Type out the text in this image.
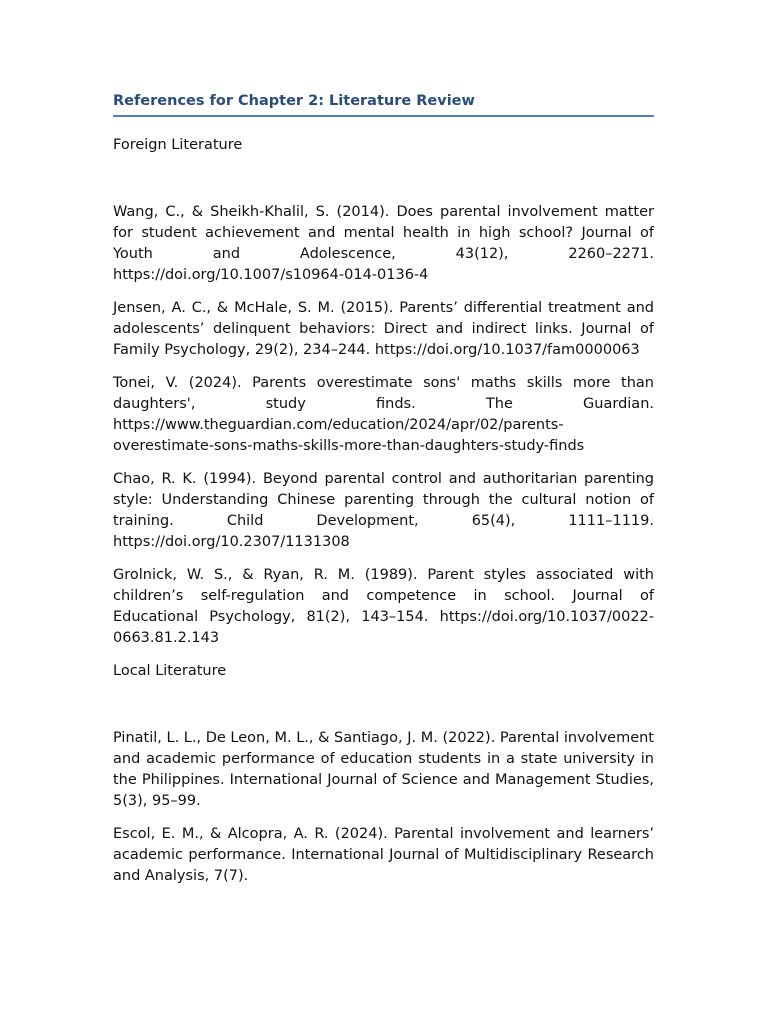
References for Chapter 2: Literature Review

Foreign Literature

Wang, C., & Sheikh-Khalil, S. (2014). Does parental involvement matter for student achievement and mental health in high school? Journal of Youth and Adolescence, 43(12), 2260–2271. https://doi.org/10.1007/s10964-014-0136-4
Jensen, A. C., & McHale, S. M. (2015). Parents’ differential treatment and adolescents’ delinquent behaviors: Direct and indirect links. Journal of Family Psychology, 29(2), 234–244. https://doi.org/10.1037/fam0000063
Tonei, V. (2024). Parents overestimate sons' maths skills more than daughters', study finds. The Guardian. https://www.theguardian.com/education/2024/apr/02/parents-overestimate-sons-maths-skills-more-than-daughters-study-finds
Chao, R. K. (1994). Beyond parental control and authoritarian parenting style: Understanding Chinese parenting through the cultural notion of training. Child Development, 65(4), 1111–1119. https://doi.org/10.2307/1131308
Grolnick, W. S., & Ryan, R. M. (1989). Parent styles associated with children’s self-regulation and competence in school. Journal of Educational Psychology, 81(2), 143–154. https://doi.org/10.1037/0022-0663.81.2.143

Local Literature

Pinatil, L. L., De Leon, M. L., & Santiago, J. M. (2022). Parental involvement and academic performance of education students in a state university in the Philippines. International Journal of Science and Management Studies, 5(3), 95–99.
Escol, E. M., & Alcopra, A. R. (2024). Parental involvement and learners’ academic performance. International Journal of Multidisciplinary Research and Analysis, 7(7).
